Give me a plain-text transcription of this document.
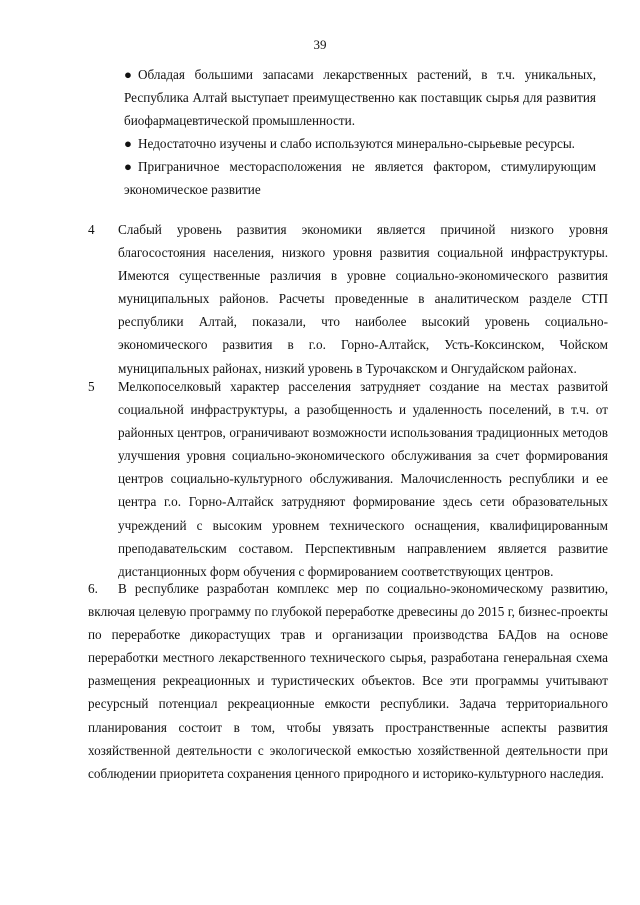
39

● Обладая большими запасами лекарственных растений, в т.ч. уникальных, Республика Алтай выступает преимущественно как поставщик сырья для развития биофармацевтической промышленности.

● Недостаточно изучены и слабо используются минерально-сырьевые ресурсы.

● Приграничное месторасположения не является фактором, стимулирующим экономическое развитие

4 Слабый уровень развития экономики является причиной низкого уровня благосостояния населения, низкого уровня развития социальной инфраструктуры. Имеются существенные различия в уровне социально-экономического развития муниципальных районов. Расчеты проведенные в аналитическом разделе СТП республики Алтай, показали, что наиболее высокий уровень социально-экономического развития в г.о. Горно-Алтайск, Усть-Коксинском, Чойском муниципальных районах, низкий уровень в Турочакском и Онгудайском районах.

5 Мелкопоселковый характер расселения затрудняет создание на местах развитой социальной инфраструктуры, а разобщенность и удаленность поселений, в т.ч. от районных центров, ограничивают возможности использования традиционных методов улучшения уровня социально-экономического обслуживания за счет формирования центров социально-культурного обслуживания. Малочисленность республики и ее центра г.о. Горно-Алтайск затрудняют формирование здесь сети образовательных учреждений с высоким уровнем технического оснащения, квалифицированным преподавательским составом. Перспективным направлением является развитие дистанционных форм обучения с формированием соответствующих центров.

6. В республике разработан комплекс мер по социально-экономическому развитию, включая целевую программу по глубокой переработке древесины до 2015 г, бизнес-проекты по переработке дикорастущих трав и организации производства БАДов на основе переработки местного лекарственного технического сырья, разработана генеральная схема размещения рекреационных и туристических объектов. Все эти программы учитывают ресурсный потенциал рекреационные емкости республики. Задача территориального планирования состоит в том, чтобы увязать пространственные аспекты развития хозяйственной деятельности с экологической емкостью хозяйственной деятельности при соблюдении приоритета сохранения ценного природного и историко-культурного наследия.
